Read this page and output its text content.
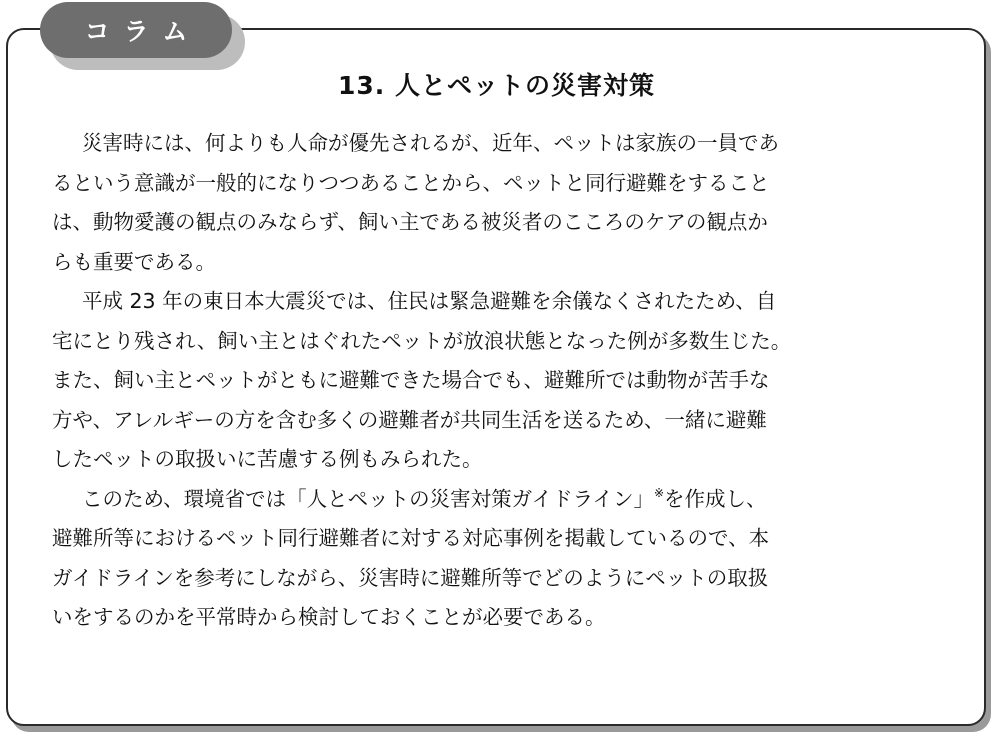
コラム
13. 人とペットの災害対策
災害時には、何よりも人命が優先されるが、近年、ペットは家族の一員であ
るという意識が一般的になりつつあることから、ペットと同行避難をすること
は、動物愛護の観点のみならず、飼い主である被災者のこころのケアの観点か
らも重要である。
平成 23 年の東日本大震災では、住民は緊急避難を余儀なくされたため、自
宅にとり残され、飼い主とはぐれたペットが放浪状態となった例が多数生じた。
また、飼い主とペットがともに避難できた場合でも、避難所では動物が苦手な
方や、アレルギーの方を含む多くの避難者が共同生活を送るため、一緒に避難
したペットの取扱いに苦慮する例もみられた。
このため、環境省では「人とペットの災害対策ガイドライン」※を作成し、
避難所等におけるペット同行避難者に対する対応事例を掲載しているので、本
ガイドラインを参考にしながら、災害時に避難所等でどのようにペットの取扱
いをするのかを平常時から検討しておくことが必要である。
